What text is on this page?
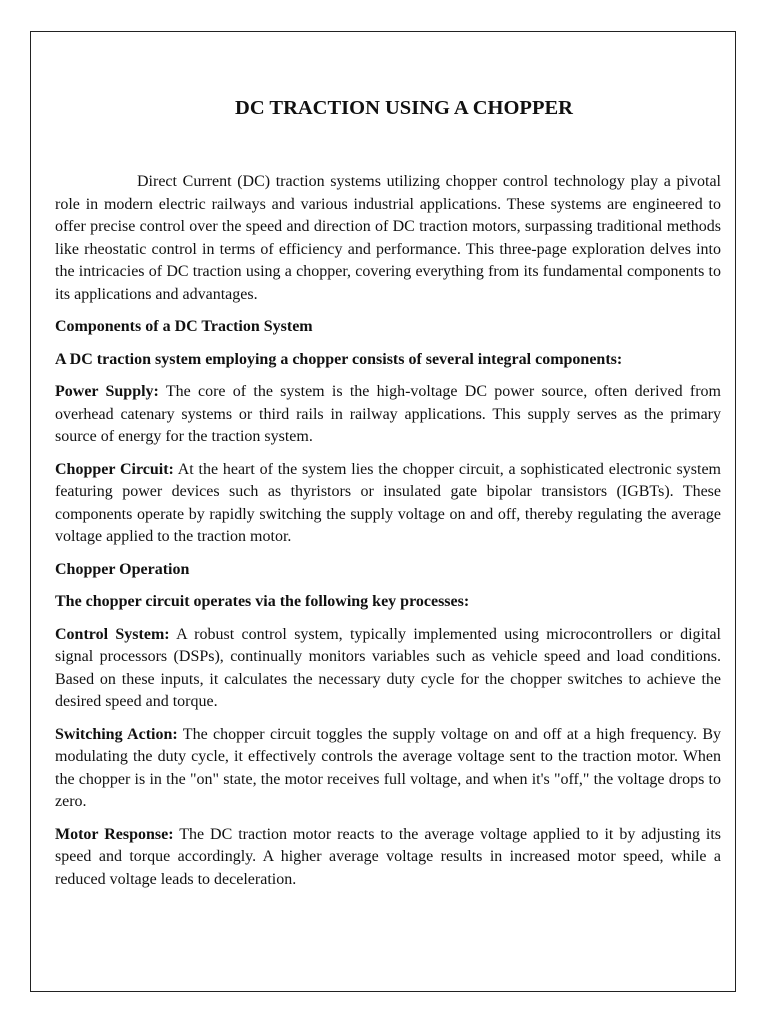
DC TRACTION USING A CHOPPER

Direct Current (DC) traction systems utilizing chopper control technology play a pivotal role in modern electric railways and various industrial applications. These systems are engineered to offer precise control over the speed and direction of DC traction motors, surpassing traditional methods like rheostatic control in terms of efficiency and performance. This three-page exploration delves into the intricacies of DC traction using a chopper, covering everything from its fundamental components to its applications and advantages.

Components of a DC Traction System

A DC traction system employing a chopper consists of several integral components:

Power Supply: The core of the system is the high-voltage DC power source, often derived from overhead catenary systems or third rails in railway applications. This supply serves as the primary source of energy for the traction system.

Chopper Circuit: At the heart of the system lies the chopper circuit, a sophisticated electronic system featuring power devices such as thyristors or insulated gate bipolar transistors (IGBTs). These components operate by rapidly switching the supply voltage on and off, thereby regulating the average voltage applied to the traction motor.

Chopper Operation

The chopper circuit operates via the following key processes:

Control System: A robust control system, typically implemented using microcontrollers or digital signal processors (DSPs), continually monitors variables such as vehicle speed and load conditions. Based on these inputs, it calculates the necessary duty cycle for the chopper switches to achieve the desired speed and torque.

Switching Action: The chopper circuit toggles the supply voltage on and off at a high frequency. By modulating the duty cycle, it effectively controls the average voltage sent to the traction motor. When the chopper is in the "on" state, the motor receives full voltage, and when it's "off," the voltage drops to zero.

Motor Response: The DC traction motor reacts to the average voltage applied to it by adjusting its speed and torque accordingly. A higher average voltage results in increased motor speed, while a reduced voltage leads to deceleration.
